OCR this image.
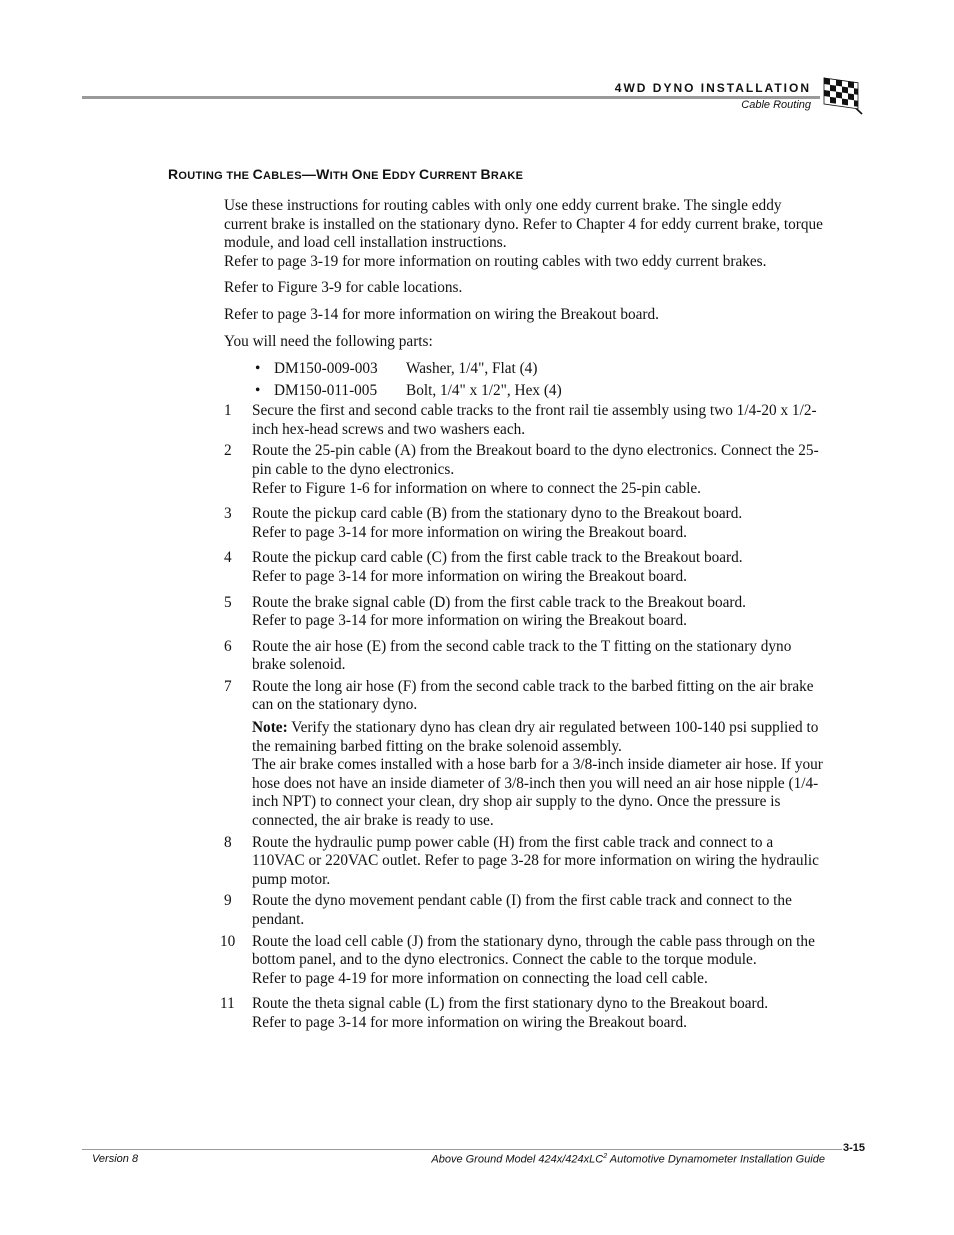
4WD DYNO INSTALLATION
Cable Routing
ROUTING THE CABLES—WITH ONE EDDY CURRENT BRAKE

Use these instructions for routing cables with only one eddy current brake. The single eddy current brake is installed on the stationary dyno. Refer to Chapter 4 for eddy current brake, torque module, and load cell installation instructions.

Refer to page 3-19 for more information on routing cables with two eddy current brakes.

Refer to Figure 3-9 for cable locations.

Refer to page 3-14 for more information on wiring the Breakout board.

You will need the following parts:

• DM150-009-003 Washer, 1/4", Flat (4)
• DM150-011-005 Bolt, 1/4" x 1/2", Hex (4)
1	Secure the first and second cable tracks to the front rail tie assembly using two 1/4-20 x 1/2-inch hex-head screws and two washers each.

2	Route the 25-pin cable (A) from the Breakout board to the dyno electronics. Connect the 25-pin cable to the dyno electronics.

Refer to Figure 1-6 for information on where to connect the 25-pin cable.

3	Route the pickup card cable (B) from the stationary dyno to the Breakout board.

Refer to page 3-14 for more information on wiring the Breakout board.

4	Route the pickup card cable (C) from the first cable track to the Breakout board.

Refer to page 3-14 for more information on wiring the Breakout board.

5	Route the brake signal cable (D) from the first cable track to the Breakout board.

Refer to page 3-14 for more information on wiring the Breakout board.

6	Route the air hose (E) from the second cable track to the T fitting on the stationary dyno brake solenoid.

7	Route the long air hose (F) from the second cable track to the barbed fitting on the air brake can on the stationary dyno.

Note: Verify the stationary dyno has clean dry air regulated between 100-140 psi supplied to the remaining barbed fitting on the brake solenoid assembly.

The air brake comes installed with a hose barb for a 3/8-inch inside diameter air hose. If your hose does not have an inside diameter of 3/8-inch then you will need an air hose nipple (1/4-inch NPT) to connect your clean, dry shop air supply to the dyno. Once the pressure is connected, the air brake is ready to use.

8	Route the hydraulic pump power cable (H) from the first cable track and connect to a 110VAC or 220VAC outlet. Refer to page 3-28 for more information on wiring the hydraulic pump motor.

9	Route the dyno movement pendant cable (I) from the first cable track and connect to the pendant.

10	Route the load cell cable (J) from the stationary dyno, through the cable pass through on the bottom panel, and to the dyno electronics. Connect the cable to the torque module.

Refer to page 4-19 for more information on connecting the load cell cable.

11	Route the theta signal cable (L) from the first stationary dyno to the Breakout board.

Refer to page 3-14 for more information on wiring the Breakout board.

3-15
Version 8	Above Ground Model 424x/424xLC$^2$ Automotive Dynamometer Installation Guide
